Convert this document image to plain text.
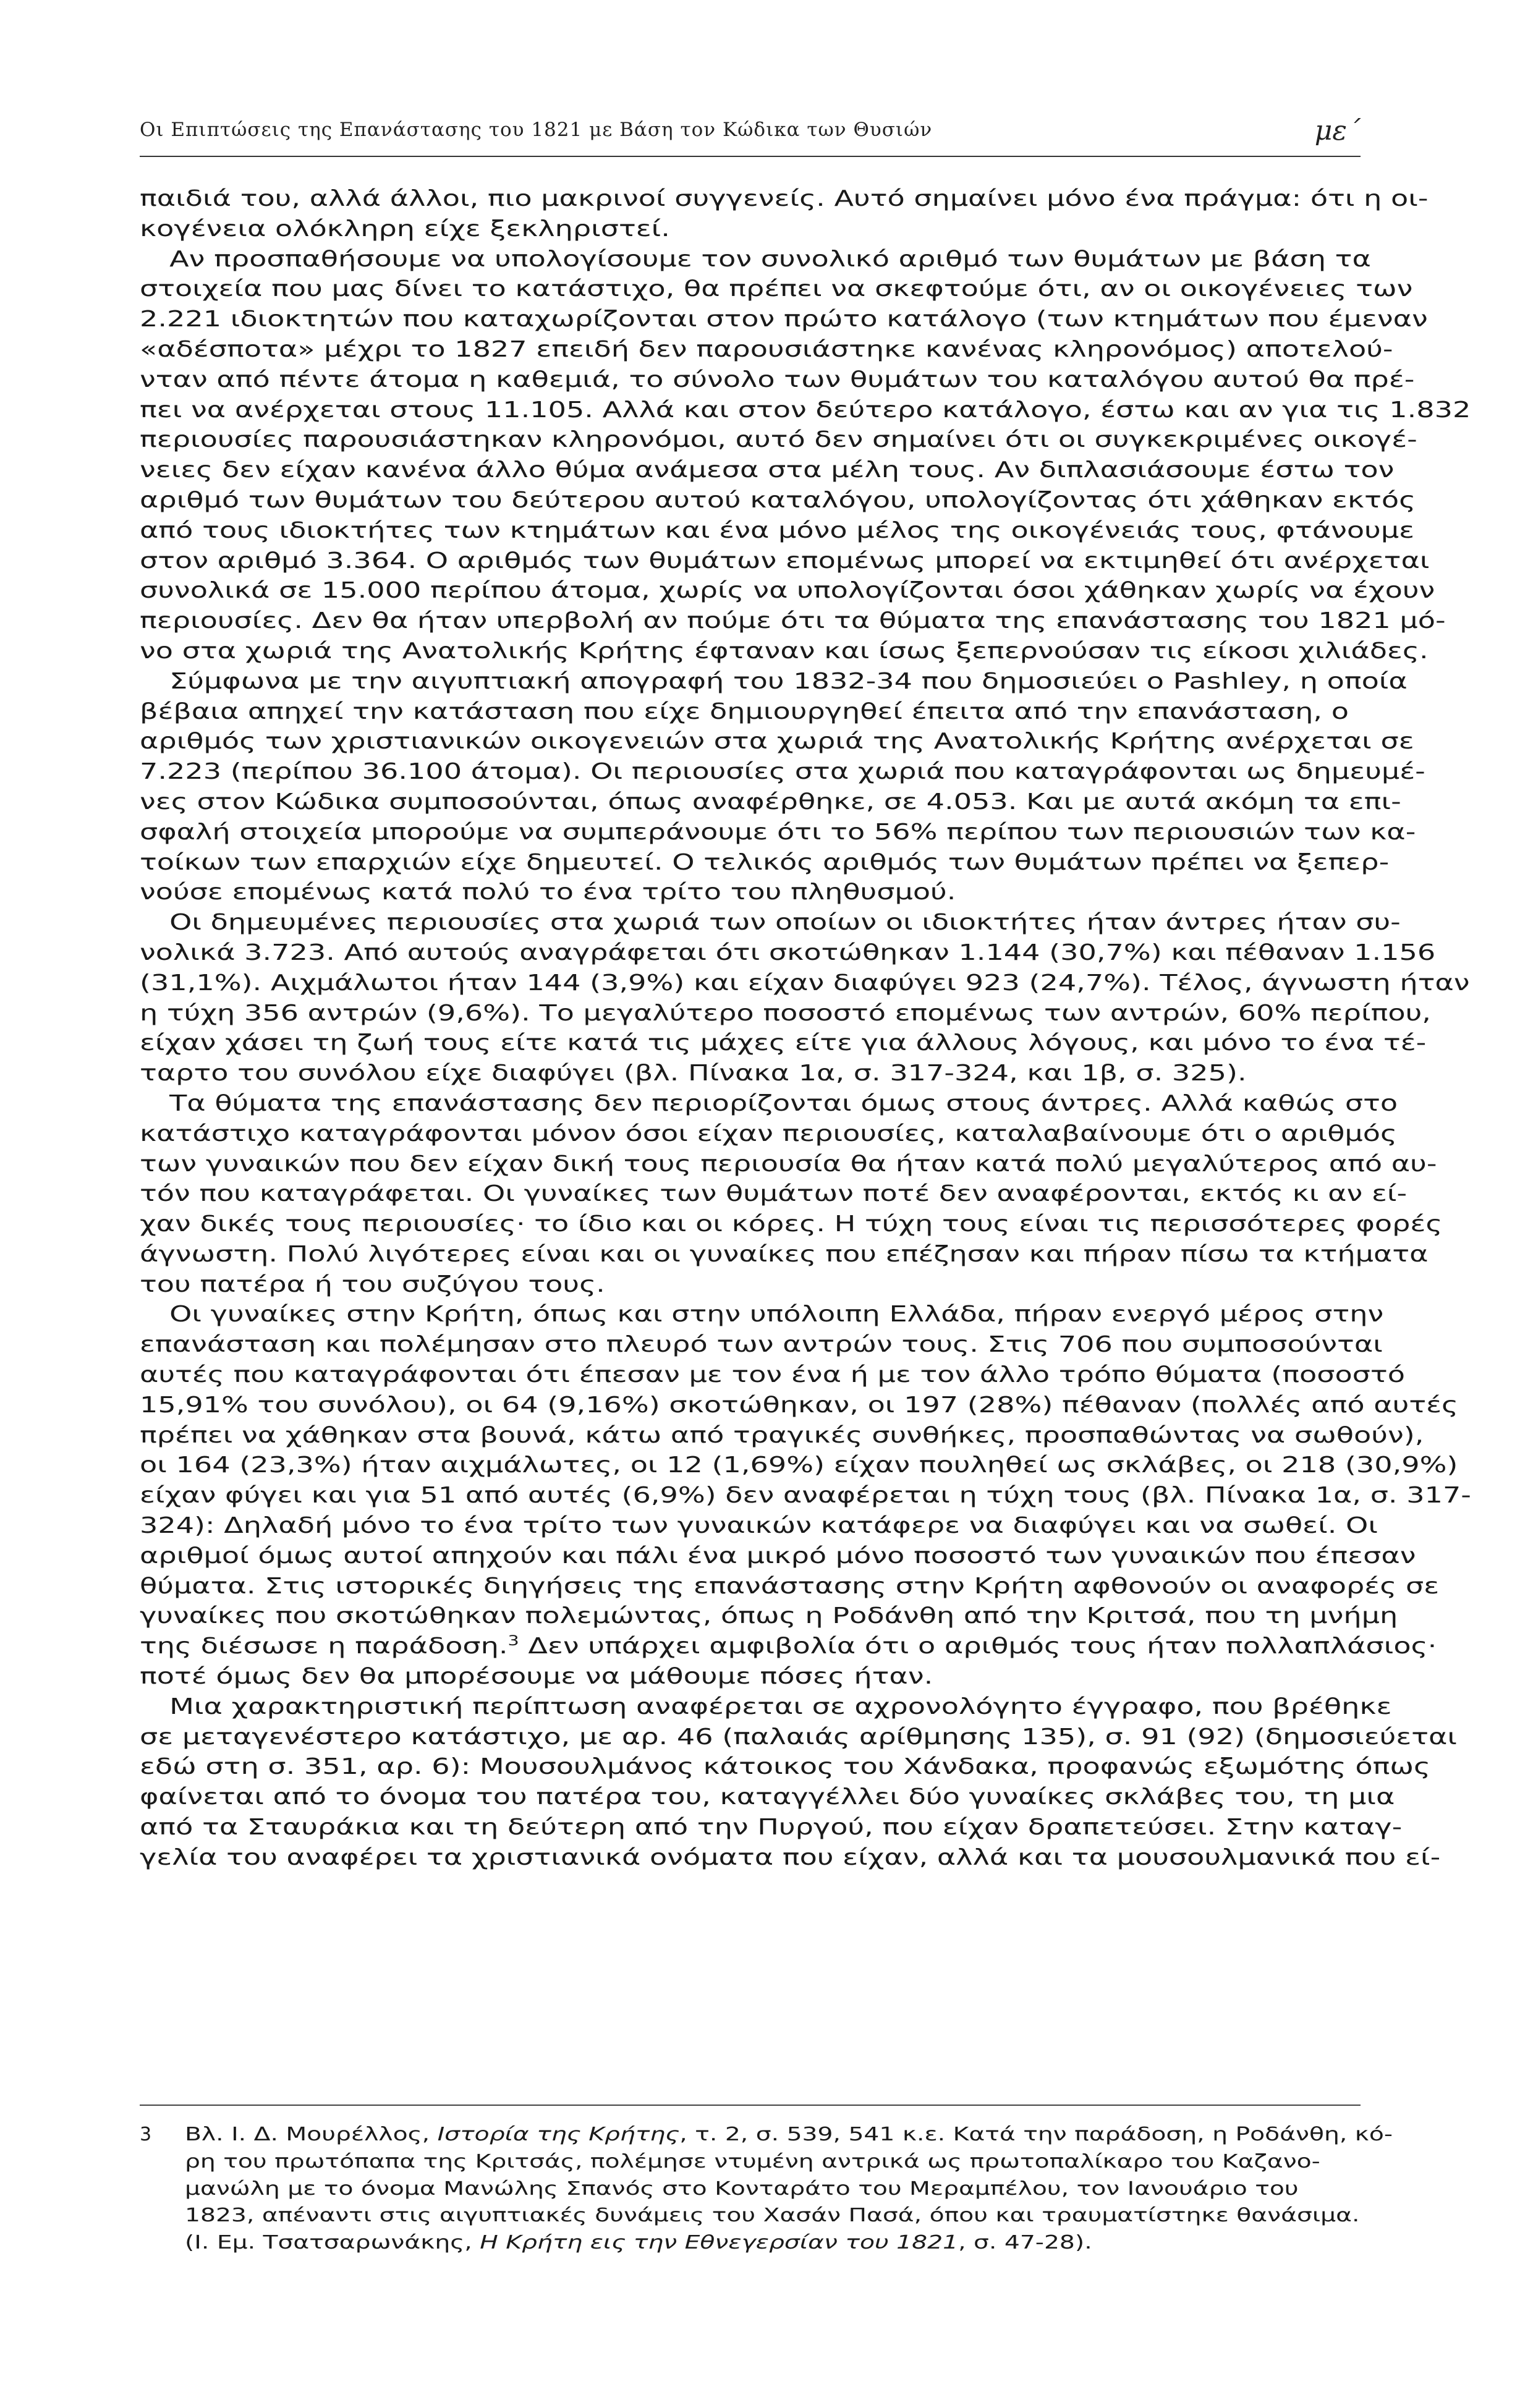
Οι Επιπτώσεις της Επανάστασης του 1821 με Βάση τον Κώδικα των Θυσιών	με΄
παιδιά του, αλλά άλλοι, πιο μακρινοί συγγενείς. Αυτό σημαίνει μόνο ένα πράγμα: ότι η οι-
κογένεια ολόκληρη είχε ξεκληριστεί.
Αν προσπαθήσουμε να υπολογίσουμε τον συνολικό αριθμό των θυμάτων με βάση τα
στοιχεία που μας δίνει το κατάστιχο, θα πρέπει να σκεφτούμε ότι, αν οι οικογένειες των
2.221 ιδιοκτητών που καταχωρίζονται στον πρώτο κατάλογο (των κτημάτων που έμεναν
«αδέσποτα» μέχρι το 1827 επειδή δεν παρουσιάστηκε κανένας κληρονόμος) αποτελού-
νταν από πέντε άτομα η καθεμιά, το σύνολο των θυμάτων του καταλόγου αυτού θα πρέ-
πει να ανέρχεται στους 11.105. Αλλά και στον δεύτερο κατάλογο, έστω και αν για τις 1.832
περιουσίες παρουσιάστηκαν κληρονόμοι, αυτό δεν σημαίνει ότι οι συγκεκριμένες οικογέ-
νειες δεν είχαν κανένα άλλο θύμα ανάμεσα στα μέλη τους. Αν διπλασιάσουμε έστω τον
αριθμό των θυμάτων του δεύτερου αυτού καταλόγου, υπολογίζοντας ότι χάθηκαν εκτός
από τους ιδιοκτήτες των κτημάτων και ένα μόνο μέλος της οικογένειάς τους, φτάνουμε
στον αριθμό 3.364. Ο αριθμός των θυμάτων επομένως μπορεί να εκτιμηθεί ότι ανέρχεται
συνολικά σε 15.000 περίπου άτομα, χωρίς να υπολογίζονται όσοι χάθηκαν χωρίς να έχουν
περιουσίες. Δεν θα ήταν υπερβολή αν πούμε ότι τα θύματα της επανάστασης του 1821 μό-
νο στα χωριά της Ανατολικής Κρήτης έφταναν και ίσως ξεπερνούσαν τις είκοσι χιλιάδες.
Σύμφωνα με την αιγυπτιακή απογραφή του 1832-34 που δημοσιεύει ο Pashley, η οποία
βέβαια απηχεί την κατάσταση που είχε δημιουργηθεί έπειτα από την επανάσταση, ο
αριθμός των χριστιανικών οικογενειών στα χωριά της Ανατολικής Κρήτης ανέρχεται σε
7.223 (περίπου 36.100 άτομα). Οι περιουσίες στα χωριά που καταγράφονται ως δημευμέ-
νες στον Κώδικα συμποσούνται, όπως αναφέρθηκε, σε 4.053. Και με αυτά ακόμη τα επι-
σφαλή στοιχεία μπορούμε να συμπεράνουμε ότι το 56% περίπου των περιουσιών των κα-
τοίκων των επαρχιών είχε δημευτεί. Ο τελικός αριθμός των θυμάτων πρέπει να ξεπερ-
νούσε επομένως κατά πολύ το ένα τρίτο του πληθυσμού.
Οι δημευμένες περιουσίες στα χωριά των οποίων οι ιδιοκτήτες ήταν άντρες ήταν συ-
νολικά 3.723. Από αυτούς αναγράφεται ότι σκοτώθηκαν 1.144 (30,7%) και πέθαναν 1.156
(31,1%). Αιχμάλωτοι ήταν 144 (3,9%) και είχαν διαφύγει 923 (24,7%). Τέλος, άγνωστη ήταν
η τύχη 356 αντρών (9,6%). Το μεγαλύτερο ποσοστό επομένως των αντρών, 60% περίπου,
είχαν χάσει τη ζωή τους είτε κατά τις μάχες είτε για άλλους λόγους, και μόνο το ένα τέ-
ταρτο του συνόλου είχε διαφύγει (βλ. Πίνακα 1α, σ. 317-324, και 1β, σ. 325).
Τα θύματα της επανάστασης δεν περιορίζονται όμως στους άντρες. Αλλά καθώς στο
κατάστιχο καταγράφονται μόνον όσοι είχαν περιουσίες, καταλαβαίνουμε ότι ο αριθμός
των γυναικών που δεν είχαν δική τους περιουσία θα ήταν κατά πολύ μεγαλύτερος από αυ-
τόν που καταγράφεται. Οι γυναίκες των θυμάτων ποτέ δεν αναφέρονται, εκτός κι αν εί-
χαν δικές τους περιουσίες· το ίδιο και οι κόρες. Η τύχη τους είναι τις περισσότερες φορές
άγνωστη. Πολύ λιγότερες είναι και οι γυναίκες που επέζησαν και πήραν πίσω τα κτήματα
του πατέρα ή του συζύγου τους.
Οι γυναίκες στην Κρήτη, όπως και στην υπόλοιπη Ελλάδα, πήραν ενεργό μέρος στην
επανάσταση και πολέμησαν στο πλευρό των αντρών τους. Στις 706 που συμποσούνται
αυτές που καταγράφονται ότι έπεσαν με τον ένα ή με τον άλλο τρόπο θύματα (ποσοστό
15,91% του συνόλου), οι 64 (9,16%) σκοτώθηκαν, οι 197 (28%) πέθαναν (πολλές από αυτές
πρέπει να χάθηκαν στα βουνά, κάτω από τραγικές συνθήκες, προσπαθώντας να σωθούν),
οι 164 (23,3%) ήταν αιχμάλωτες, οι 12 (1,69%) είχαν πουληθεί ως σκλάβες, οι 218 (30,9%)
είχαν φύγει και για 51 από αυτές (6,9%) δεν αναφέρεται η τύχη τους (βλ. Πίνακα 1α, σ. 317-
324): Δηλαδή μόνο το ένα τρίτο των γυναικών κατάφερε να διαφύγει και να σωθεί. Οι
αριθμοί όμως αυτοί απηχούν και πάλι ένα μικρό μόνο ποσοστό των γυναικών που έπεσαν
θύματα. Στις ιστορικές διηγήσεις της επανάστασης στην Κρήτη αφθονούν οι αναφορές σε
γυναίκες που σκοτώθηκαν πολεμώντας, όπως η Ροδάνθη από την Κριτσά, που τη μνήμη
της διέσωσε η παράδοση.$^3$ Δεν υπάρχει αμφιβολία ότι ο αριθμός τους ήταν πολλαπλάσιος·
ποτέ όμως δεν θα μπορέσουμε να μάθουμε πόσες ήταν.
Μια χαρακτηριστική περίπτωση αναφέρεται σε αχρονολόγητο έγγραφο, που βρέθηκε
σε μεταγενέστερο κατάστιχο, με αρ. 46 (παλαιάς αρίθμησης 135), σ. 91 (92) (δημοσιεύεται
εδώ στη σ. 351, αρ. 6): Μουσουλμάνος κάτοικος του Χάνδακα, προφανώς εξωμότης όπως
φαίνεται από το όνομα του πατέρα του, καταγγέλλει δύο γυναίκες σκλάβες του, τη μια
από τα Σταυράκια και τη δεύτερη από την Πυργού, που είχαν δραπετεύσει. Στην καταγ-
γελία του αναφέρει τα χριστιανικά ονόματα που είχαν, αλλά και τα μουσουλμανικά που εί-
3 Βλ. Ι. Δ. Μουρέλλος, Ιστορία της Κρήτης, τ. 2, σ. 539, 541 κ.ε. Κατά την παράδοση, η Ροδάνθη, κό-
ρη του πρωτόπαπα της Κριτσάς, πολέμησε ντυμένη αντρικά ως πρωτοπαλίκαρο του Καζανο-
μανώλη με το όνομα Μανώλης Σπανός στο Κονταράτο του Μεραμπέλου, τον Ιανουάριο του
1823, απέναντι στις αιγυπτιακές δυνάμεις του Χασάν Πασά, όπου και τραυματίστηκε θανάσιμα.
(Ι. Εμ. Τσατσαρωνάκης, Η Κρήτη εις την Εθνεγερσίαν του 1821, σ. 47-28).
